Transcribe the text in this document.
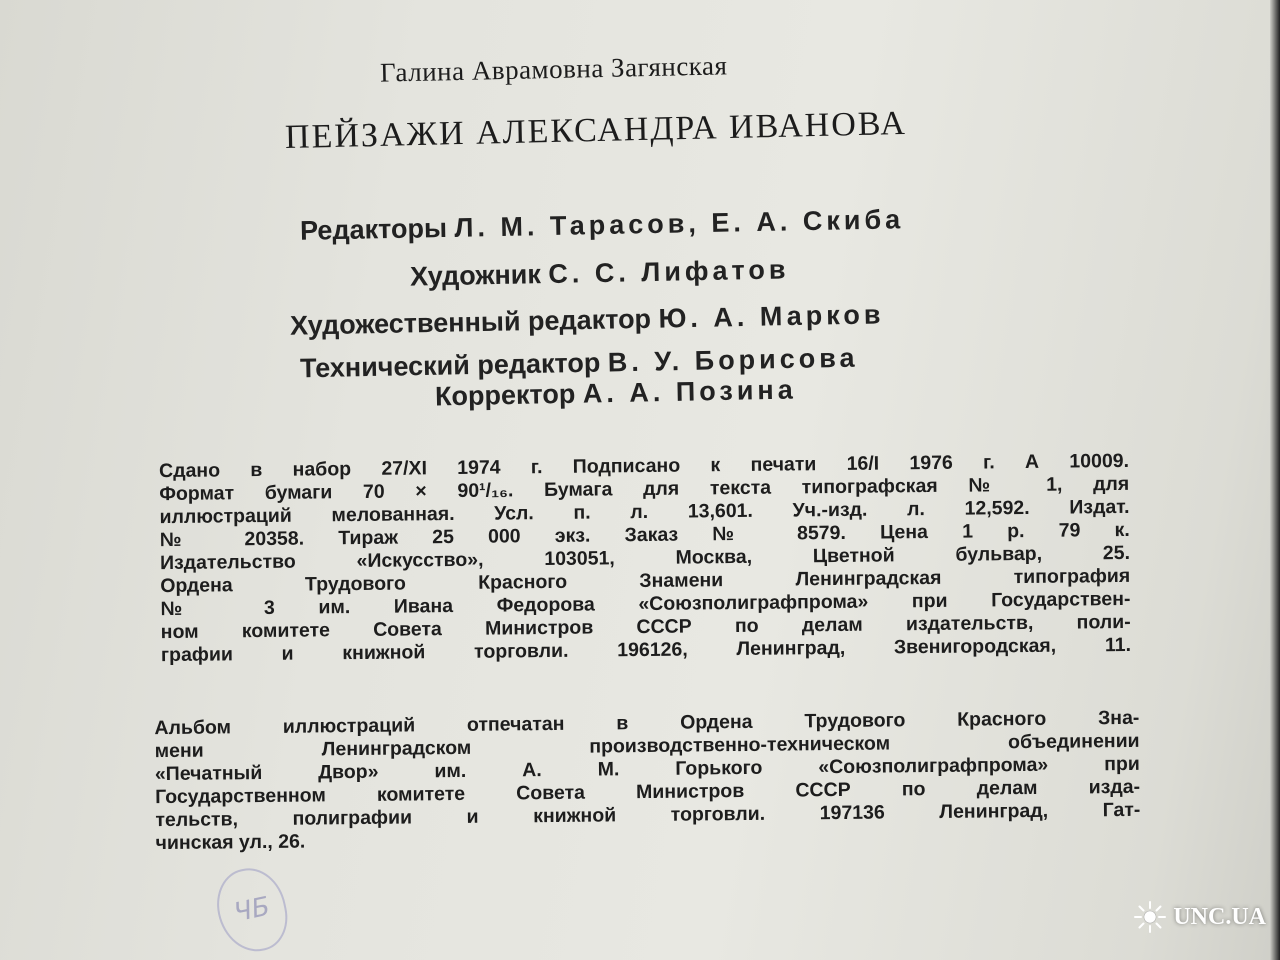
Галина Аврамовна Загянская
ПЕЙЗАЖИ АЛЕКСАНДРА ИВАНОВА
Редакторы Л. М. Тарасов, Е. А. Скиба
Художник С. С. Лифатов
Художественный редактор Ю. А. Марков
Технический редактор В. У. Борисова
Корректор А. А. Позина
Сдано в набор 27/XI 1974 г. Подписано к печати 16/I 1976 г. А 10009.
Формат бумаги 70 × 90¹/₁₆. Бумага для текста типографская № 1, для
иллюстраций мелованная. Усл. п. л. 13,601. Уч.-изд. л. 12,592. Издат.
№ 20358. Тираж 25 000 экз. Заказ № 8579. Цена 1 р. 79 к.
Издательство «Искусство», 103051, Москва, Цветной бульвар, 25.
Ордена Трудового Красного Знамени Ленинградская типография
№ 3 им. Ивана Федорова «Союзполиграфпрома» при Государствен-
ном комитете Совета Министров СССР по делам издательств, поли-
графии и книжной торговли. 196126, Ленинград, Звенигородская, 11.
Альбом иллюстраций отпечатан в Ордена Трудового Красного Зна-
мени Ленинградском производственно-техническом объединении
«Печатный Двор» им. А. М. Горького «Союзполиграфпрома» при
Государственном комитете Совета Министров СССР по делам изда-
тельств, полиграфии и книжной торговли. 197136 Ленинград, Гат-
чинская ул., 26.
ЧБ	UNC.UA
